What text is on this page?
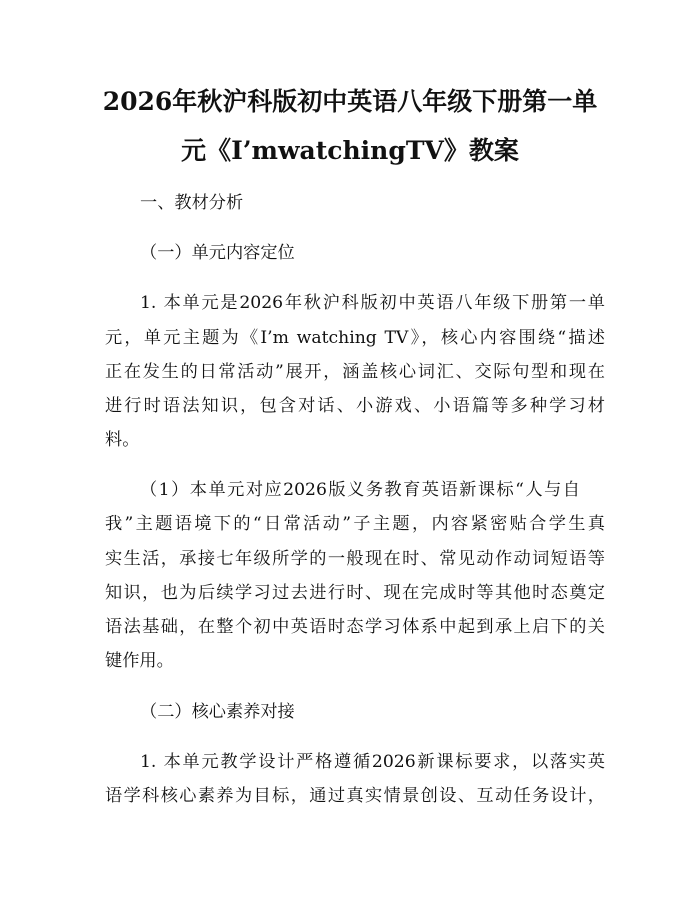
2026年秋沪科版初中英语八年级下册第一单
元《I’mwatchingTV》教案
一、教材分析
（一）单元内容定位
1. 本单元是2026年秋沪科版初中英语八年级下册第一单
元，单元主题为《I’m watching TV》，核心内容围绕“描述
正在发生的日常活动”展开，涵盖核心词汇、交际句型和现在
进行时语法知识，包含对话、小游戏、小语篇等多种学习材
料。
（1）本单元对应2026版义务教育英语新课标“人与自
我”主题语境下的“日常活动”子主题，内容紧密贴合学生真
实生活，承接七年级所学的一般现在时、常见动作动词短语等
知识，也为后续学习过去进行时、现在完成时等其他时态奠定
语法基础，在整个初中英语时态学习体系中起到承上启下的关
键作用。
（二）核心素养对接
1. 本单元教学设计严格遵循2026新课标要求，以落实英
语学科核心素养为目标，通过真实情景创设、互动任务设计，
